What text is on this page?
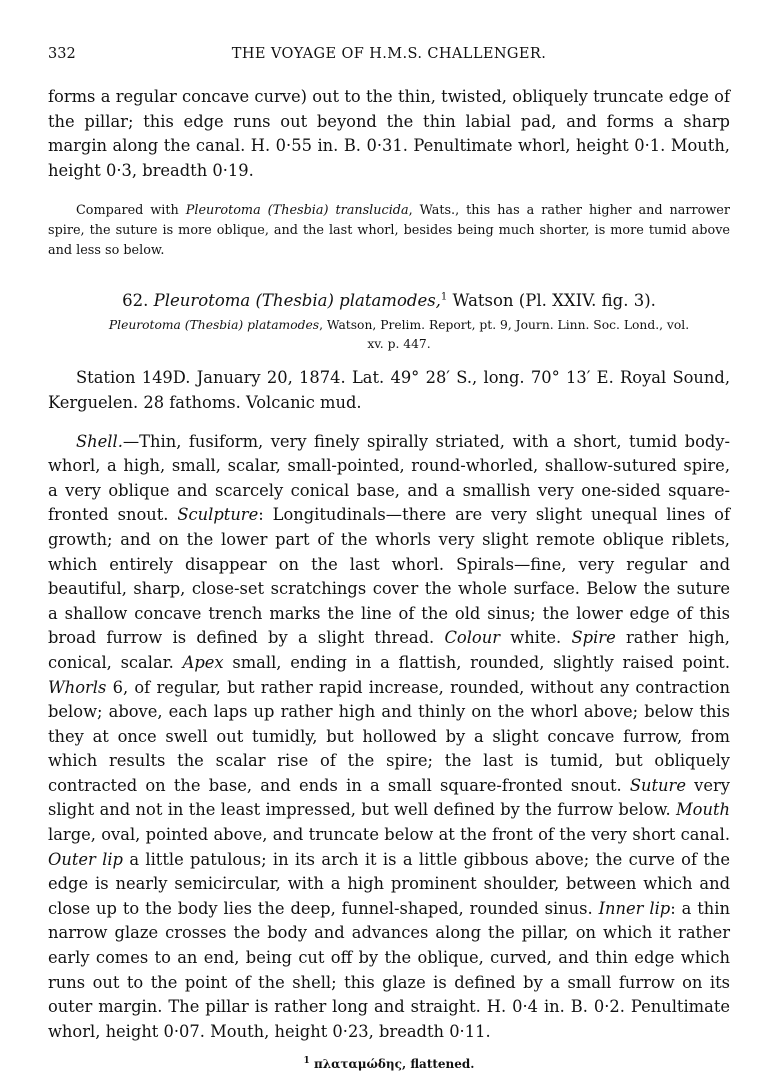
332	THE VOYAGE OF H.M.S. CHALLENGER.

forms a regular concave curve) out to the thin, twisted, obliquely truncate edge of the pillar; this edge runs out beyond the thin labial pad, and forms a sharp margin along the canal. H. 0·55 in. B. 0·31. Penultimate whorl, height 0·1. Mouth, height 0·3, breadth 0·19.

Compared with Pleurotoma (Thesbia) translucida, Wats., this has a rather higher and narrower spire, the suture is more oblique, and the last whorl, besides being much shorter, is more tumid above and less so below.

62. Pleurotoma (Thesbia) platamodes,$^1$ Watson (Pl. XXIV. fig. 3).
Pleurotoma (Thesbia) platamodes, Watson, Prelim. Report, pt. 9, Journ. Linn. Soc. Lond., vol. xv. p. 447.

Station 149D. January 20, 1874. Lat. 49° 28′ S., long. 70° 13′ E. Royal Sound, Kerguelen. 28 fathoms. Volcanic mud.

Shell.—Thin, fusiform, very finely spirally striated, with a short, tumid body-whorl, a high, small, scalar, small-pointed, round-whorled, shallow-sutured spire, a very oblique and scarcely conical base, and a smallish very one-sided square-fronted snout. Sculpture: Longitudinals—there are very slight unequal lines of growth; and on the lower part of the whorls very slight remote oblique riblets, which entirely disappear on the last whorl. Spirals—fine, very regular and beautiful, sharp, close-set scratchings cover the whole surface. Below the suture a shallow concave trench marks the line of the old sinus; the lower edge of this broad furrow is defined by a slight thread. Colour white. Spire rather high, conical, scalar. Apex small, ending in a flattish, rounded, slightly raised point. Whorls 6, of regular, but rather rapid increase, rounded, without any contraction below; above, each laps up rather high and thinly on the whorl above; below this they at once swell out tumidly, but hollowed by a slight concave furrow, from which results the scalar rise of the spire; the last is tumid, but obliquely contracted on the base, and ends in a small square-fronted snout. Suture very slight and not in the least impressed, but well defined by the furrow below. Mouth large, oval, pointed above, and truncate below at the front of the very short canal. Outer lip a little patulous; in its arch it is a little gibbous above; the curve of the edge is nearly semicircular, with a high prominent shoulder, between which and close up to the body lies the deep, funnel-shaped, rounded sinus. Inner lip: a thin narrow glaze crosses the body and advances along the pillar, on which it rather early comes to an end, being cut off by the oblique, curved, and thin edge which runs out to the point of the shell; this glaze is defined by a small furrow on its outer margin. The pillar is rather long and straight. H. 0·4 in. B. 0·2. Penultimate whorl, height 0·07. Mouth, height 0·23, breadth 0·11.

$^1$ πλαταμώδης, flattened.
